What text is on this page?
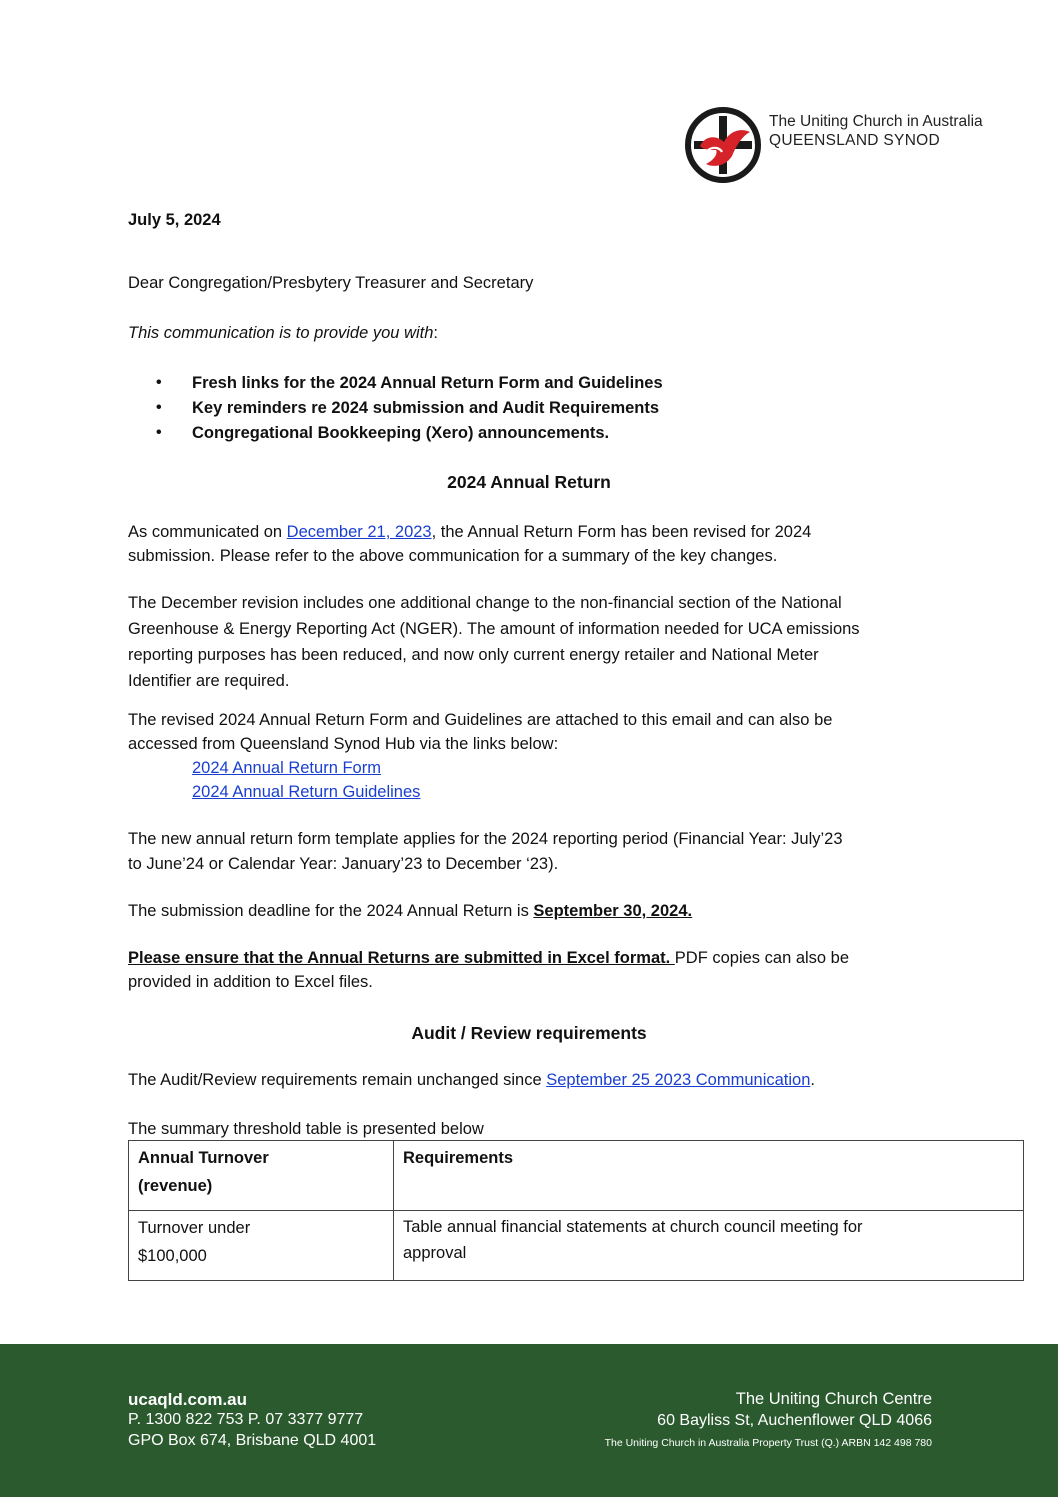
The Uniting Church in Australia
QUEENSLAND SYNOD
July 5, 2024
Dear Congregation/Presbytery Treasurer and Secretary
This communication is to provide you with:
Fresh links for the 2024 Annual Return Form and Guidelines
Key reminders re 2024 submission and Audit Requirements
Congregational Bookkeeping (Xero) announcements.
2024 Annual Return
As communicated on December 21, 2023, the Annual Return Form has been revised for 2024
submission. Please refer to the above communication for a summary of the key changes.
The December revision includes one additional change to the non-financial section of the National
Greenhouse & Energy Reporting Act (NGER). The amount of information needed for UCA emissions
reporting purposes has been reduced, and now only current energy retailer and National Meter
Identifier are required.
The revised 2024 Annual Return Form and Guidelines are attached to this email and can also be
accessed from Queensland Synod Hub via the links below:
2024 Annual Return Form
2024 Annual Return Guidelines
The new annual return form template applies for the 2024 reporting period (Financial Year: July’23
to June’24 or Calendar Year: January’23 to December ‘23).
The submission deadline for the 2024 Annual Return is September 30, 2024.
Please ensure that the Annual Returns are submitted in Excel format. PDF copies can also be
provided in addition to Excel files.
Audit / Review requirements
The Audit/Review requirements remain unchanged since September 25 2023 Communication.
The summary threshold table is presented below
Annual Turnover (revenue)	Requirements

Turnover under $100,000	Table annual financial statements at church council meeting for approval
ucaqld.com.au
P. 1300 822 753 P. 07 3377 9777
GPO Box 674, Brisbane QLD 4001
The Uniting Church Centre
60 Bayliss St, Auchenflower QLD 4066
The Uniting Church in Australia Property Trust (Q.) ARBN 142 498 780
